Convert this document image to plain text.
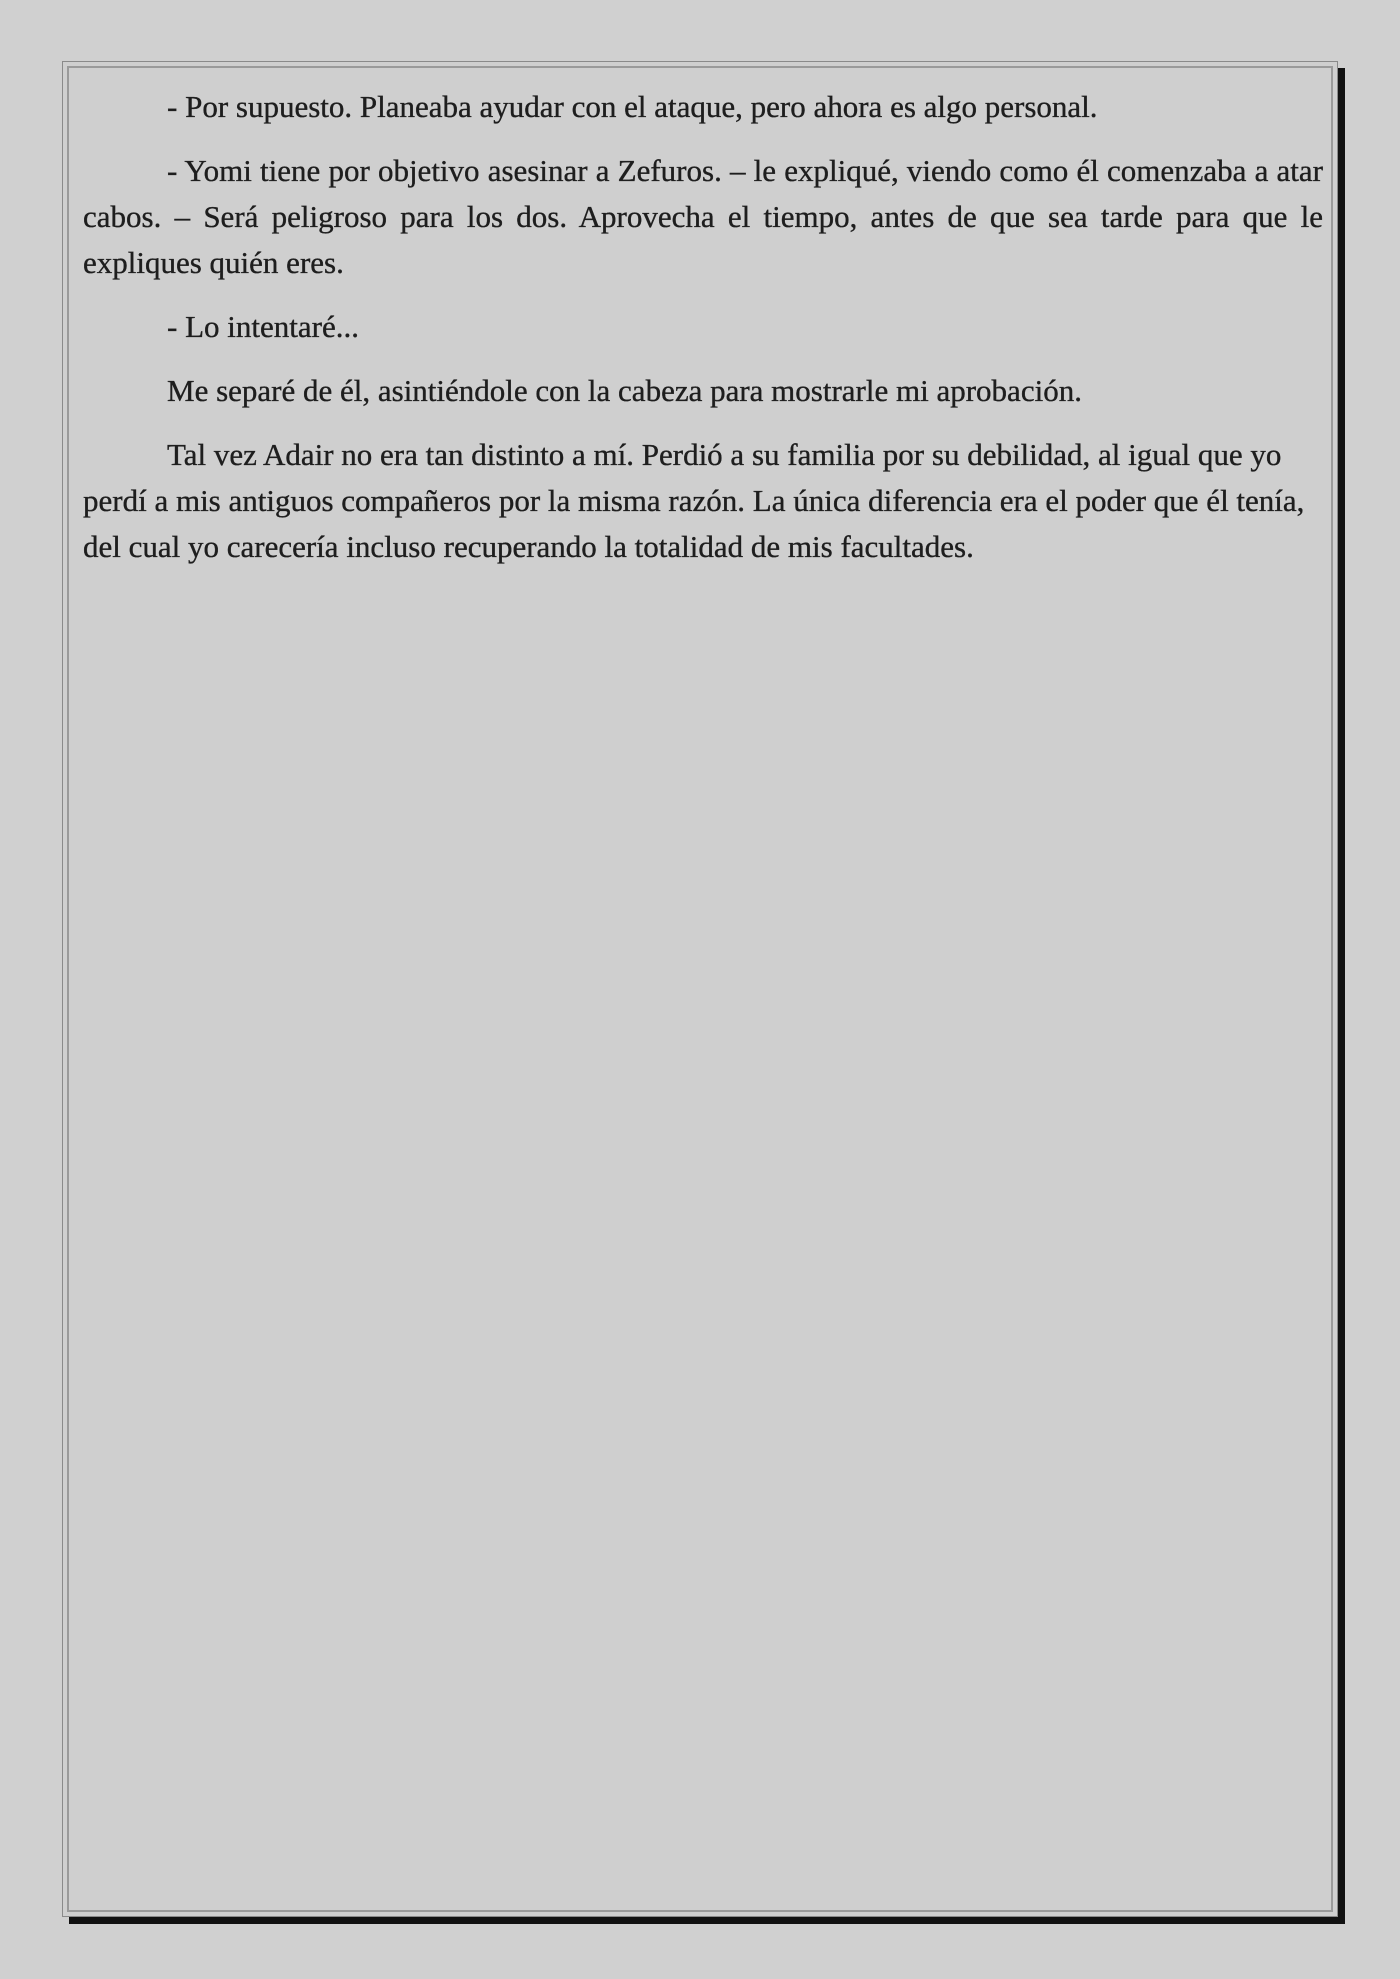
- Por supuesto. Planeaba ayudar con el ataque, pero ahora es algo personal.

- Yomi tiene por objetivo asesinar a Zefuros. – le expliqué, viendo como él comenzaba a atar cabos. – Será peligroso para los dos. Aprovecha el tiempo, antes de que sea tarde para que le expliques quién eres.

- Lo intentaré...

Me separé de él, asintiéndole con la cabeza para mostrarle mi aprobación.

Tal vez Adair no era tan distinto a mí. Perdió a su familia por su debilidad, al igual que yo perdí a mis antiguos compañeros por la misma razón. La única diferencia era el poder que él tenía, del cual yo carecería incluso recuperando la totalidad de mis facultades.
